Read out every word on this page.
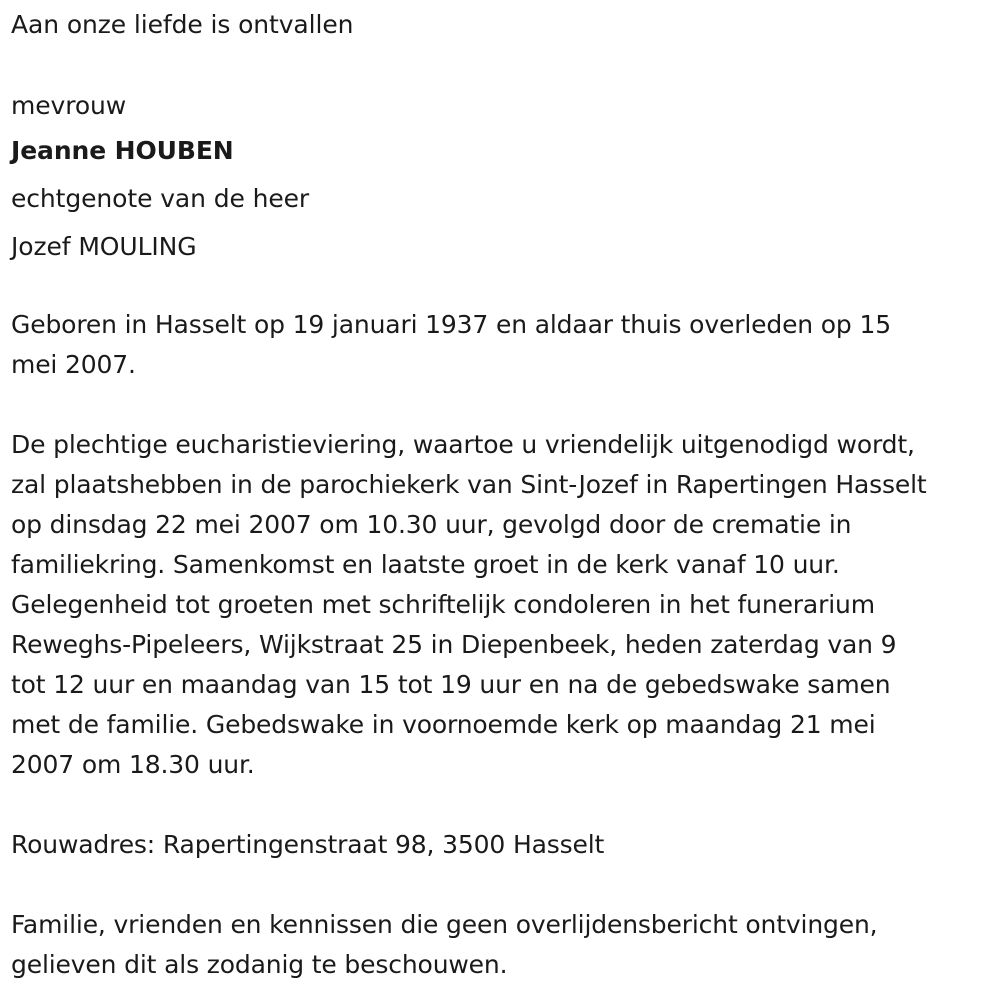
Aan onze liefde is ontvallen

mevrouw

Jeanne HOUBEN

echtgenote van de heer

Jozef MOULING

Geboren in Hasselt op 19 januari 1937 en aldaar thuis overleden op 15

mei 2007.

De plechtige eucharistieviering, waartoe u vriendelijk uitgenodigd wordt,

zal plaatshebben in de parochiekerk van Sint-Jozef in Rapertingen Hasselt

op dinsdag 22 mei 2007 om 10.30 uur, gevolgd door de crematie in

familiekring. Samenkomst en laatste groet in de kerk vanaf 10 uur.

Gelegenheid tot groeten met schriftelijk condoleren in het funerarium

Reweghs-Pipeleers, Wijkstraat 25 in Diepenbeek, heden zaterdag van 9

tot 12 uur en maandag van 15 tot 19 uur en na de gebedswake samen

met de familie. Gebedswake in voornoemde kerk op maandag 21 mei

2007 om 18.30 uur.

Rouwadres: Rapertingenstraat 98, 3500 Hasselt

Familie, vrienden en kennissen die geen overlijdensbericht ontvingen,

gelieven dit als zodanig te beschouwen.
